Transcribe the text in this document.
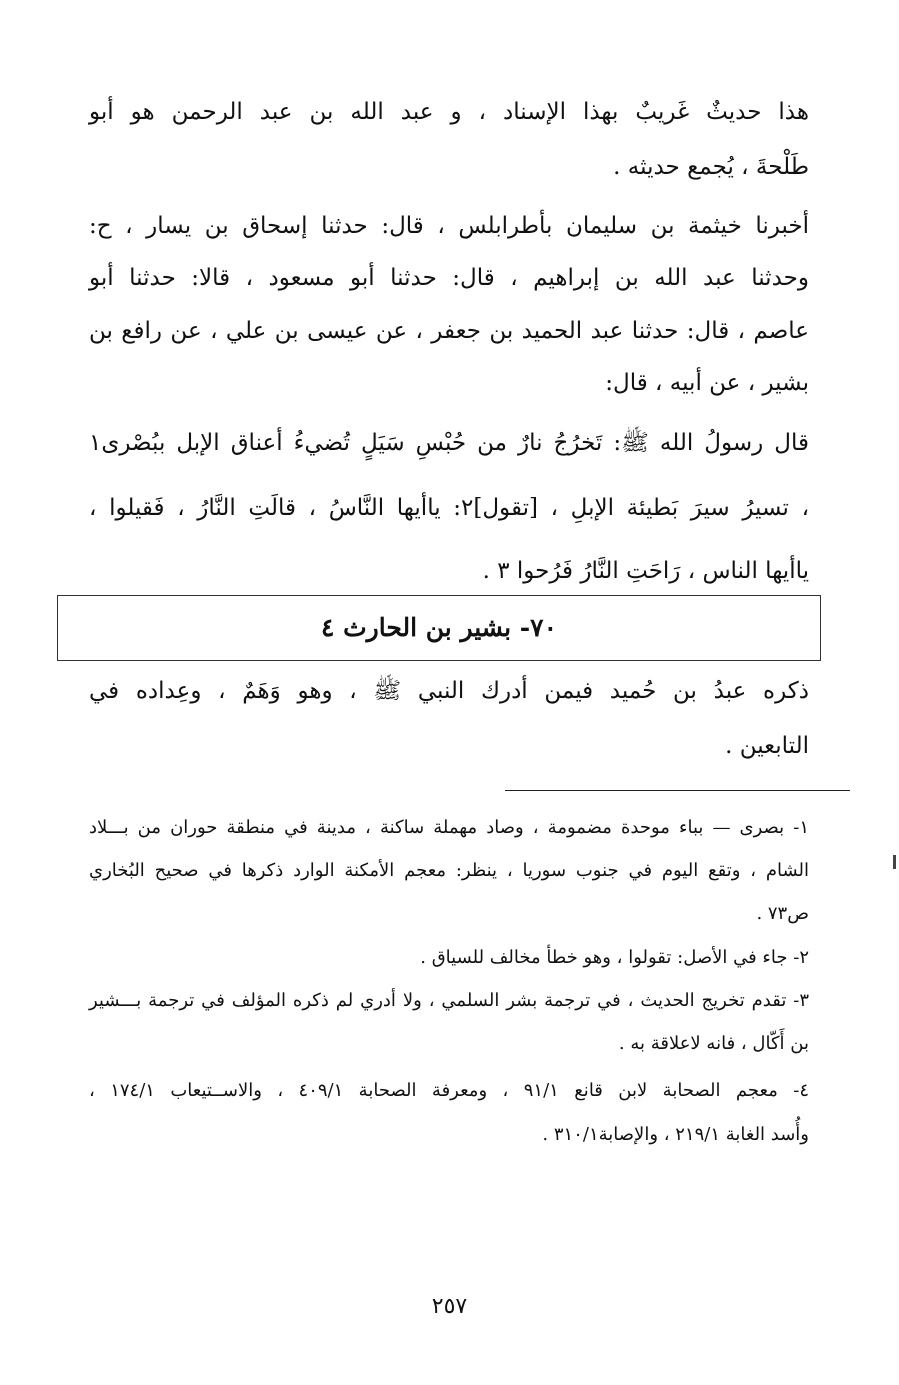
هذا حديثٌ غَريبٌ بهذا الإسناد ، و عبد الله بن عبد الرحمن هو أبو
طَلْحةَ ، يُجمع حديثه .
أخبرنا خيثمة بن سليمان بأطرابلس ، قال: حدثنا إسحاق بن يسار ، ح:
وحدثنا عبد الله بن إبراهيم ، قال: حدثنا أبو مسعود ، قالا: حدثنا أبو
عاصم ، قال: حدثنا عبد الحميد بن جعفر ، عن عيسى بن علي ، عن رافع بن
بشير ، عن أبيه ، قال:
قال رسولُ الله ﷺ: تَخرُجُ نارٌ من حُبْسِ سَيَلٍ تُضيءُ أعناق الإبل ببُصْرى١
، تسيرُ سيرَ بَطيئة الإبلِ ، [تقول]٢: ياأيها النَّاسُ ، قالَتِ النَّارُ ، فَقيلوا ،
ياأيها الناس ، رَاحَتِ النَّارُ فَرُحوا ٣ .
٧٠- بشير بن الحارث ٤
ذكره عبدُ بن حُميد فيمن أدرك النبي ﷺ ، وهو وَهَمٌ ، وعِداده في
التابعين .
١- بصرى — بباء موحدة مضمومة ، وصاد مهملة ساكنة ، مدينة في منطقة حوران من بـــلاد
الشام ، وتقع اليوم في جنوب سوريا ، ينظر: معجم الأمكنة الوارد ذكرها في صحيح البُخاري
ص٧٣ .
٢- جاء في الأصل: تقولوا ، وهو خطأ مخالف للسياق .
٣- تقدم تخريج الحديث ، في ترجمة بشر السلمي ، ولا أدري لم ذكره المؤلف في ترجمة بـــشير
بن أَكّال ، فانه لاعلاقة به .
٤- معجم الصحابة لابن قانع ٩١/١ ، ومعرفة الصحابة ٤٠٩/١ ، والاســتيعاب ١٧٤/١ ،
وأُسد الغابة ٢١٩/١ ، والإصابة٣١٠/١ .
٢٥٧
